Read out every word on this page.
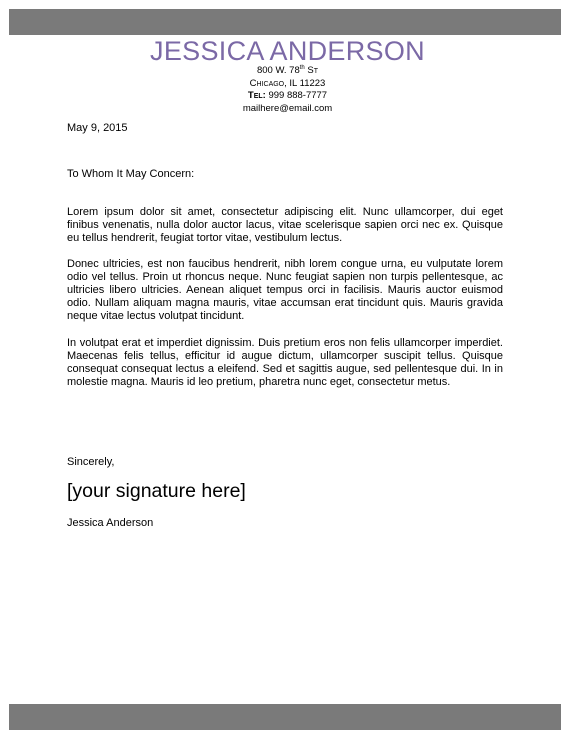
JESSICA ANDERSON
800 W. 78th St
Chicago, IL 11223
Tel: 999 888-7777
mailhere@email.com
May 9, 2015
To Whom It May Concern:

Lorem ipsum dolor sit amet, consectetur adipiscing elit. Nunc ullamcorper, dui eget finibus venenatis, nulla dolor auctor lacus, vitae scelerisque sapien orci nec ex. Quisque eu tellus hendrerit, feugiat tortor vitae, vestibulum lectus.

Donec ultricies, est non faucibus hendrerit, nibh lorem congue urna, eu vulputate lorem odio vel tellus. Proin ut rhoncus neque. Nunc feugiat sapien non turpis pellentesque, ac ultricies libero ultricies. Aenean aliquet tempus orci in facilisis. Mauris auctor euismod odio. Nullam aliquam magna mauris, vitae accumsan erat tincidunt quis. Mauris gravida neque vitae lectus volutpat tincidunt.

In volutpat erat et imperdiet dignissim. Duis pretium eros non felis ullamcorper imperdiet. Maecenas felis tellus, efficitur id augue dictum, ullamcorper suscipit tellus. Quisque consequat consequat lectus a eleifend. Sed et sagittis augue, sed pellentesque dui. In in molestie magna. Mauris id leo pretium, pharetra nunc eget, consectetur metus.

Sincerely,
[your signature here]
Jessica Anderson
